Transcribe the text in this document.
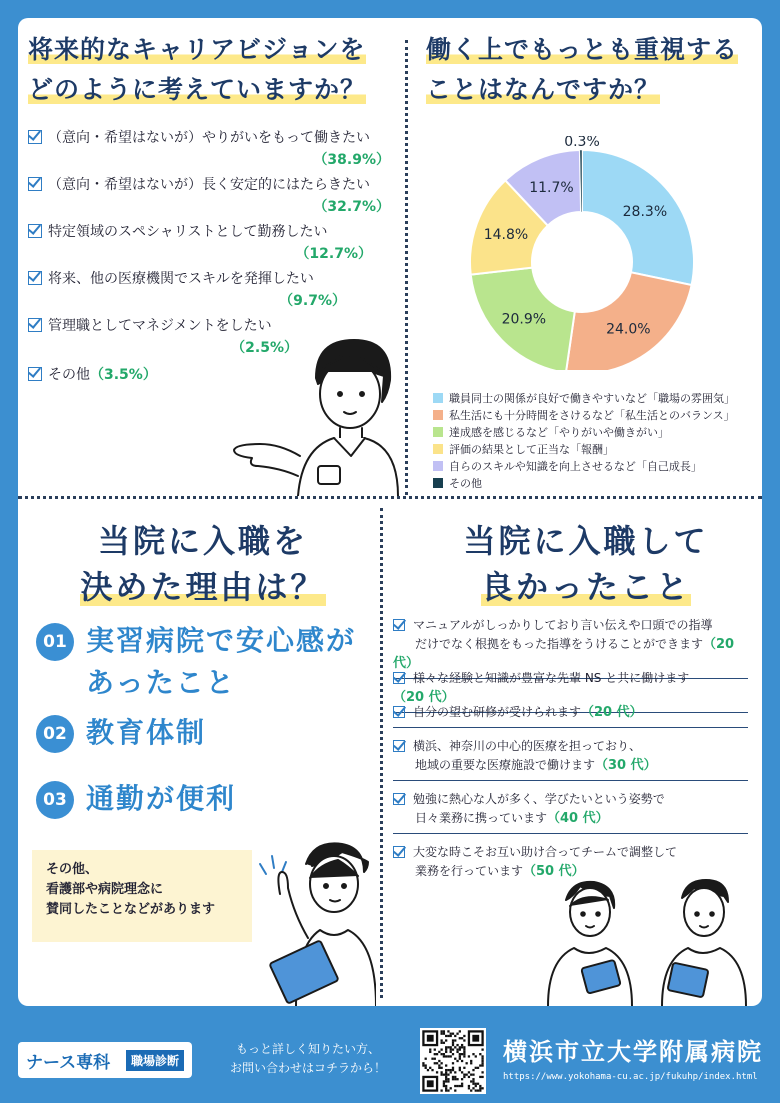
将来的なキャリアビジョンを
どのように考えていますか？
（意向・希望はないが）やりがいをもって働きたい
（38.9%）
（意向・希望はないが）長く安定的にはたらきたい
（32.7%）
特定領域のスペシャリストとして勤務したい
（12.7%）
将来、他の医療機関でスキルを発揮したい
（9.7%）
管理職としてマネジメントをしたい
（2.5%）
その他（3.5%）
働く上でもっとも重視する
ことはなんですか？
28.3%
24.0%
20.9%
14.8%
11.7%
0.3%
職員同士の関係が良好で働きやすいなど「職場の雰囲気」
私生活にも十分時間をさけるなど「私生活とのバランス」
達成感を感じるなど「やりがいや働きがい」
評価の結果として正当な「報酬」
自らのスキルや知識を向上させるなど「自己成長」
その他
当院に入職を
決めた理由は？
01 実習病院で安心感が
あったこと
02 教育体制
03 通勤が便利
その他、
看護部や病院理念に
賛同したことなどがあります
当院に入職して
良かったこと
マニュアルがしっかりしており言い伝えや口頭での指導
だけでなく根拠をもった指導をうけることができます（20 代）
様々な経験と知識が豊富な先輩 NS と共に働けます（20 代）
自分の望む研修が受けられます（20 代）
横浜、神奈川の中心的医療を担っており、
地域の重要な医療施設で働けます（30 代）
勉強に熱心な人が多く、学びたいという姿勢で
日々業務に携っています（40 代）
大変な時こそお互い助け合ってチームで調整して
業務を行っています（50 代）
ナース専科	職場診断
もっと詳しく知りたい方、
お問い合わせはコチラから！
横浜市立大学附属病院
https://www.yokohama-cu.ac.jp/fukuhp/index.html
